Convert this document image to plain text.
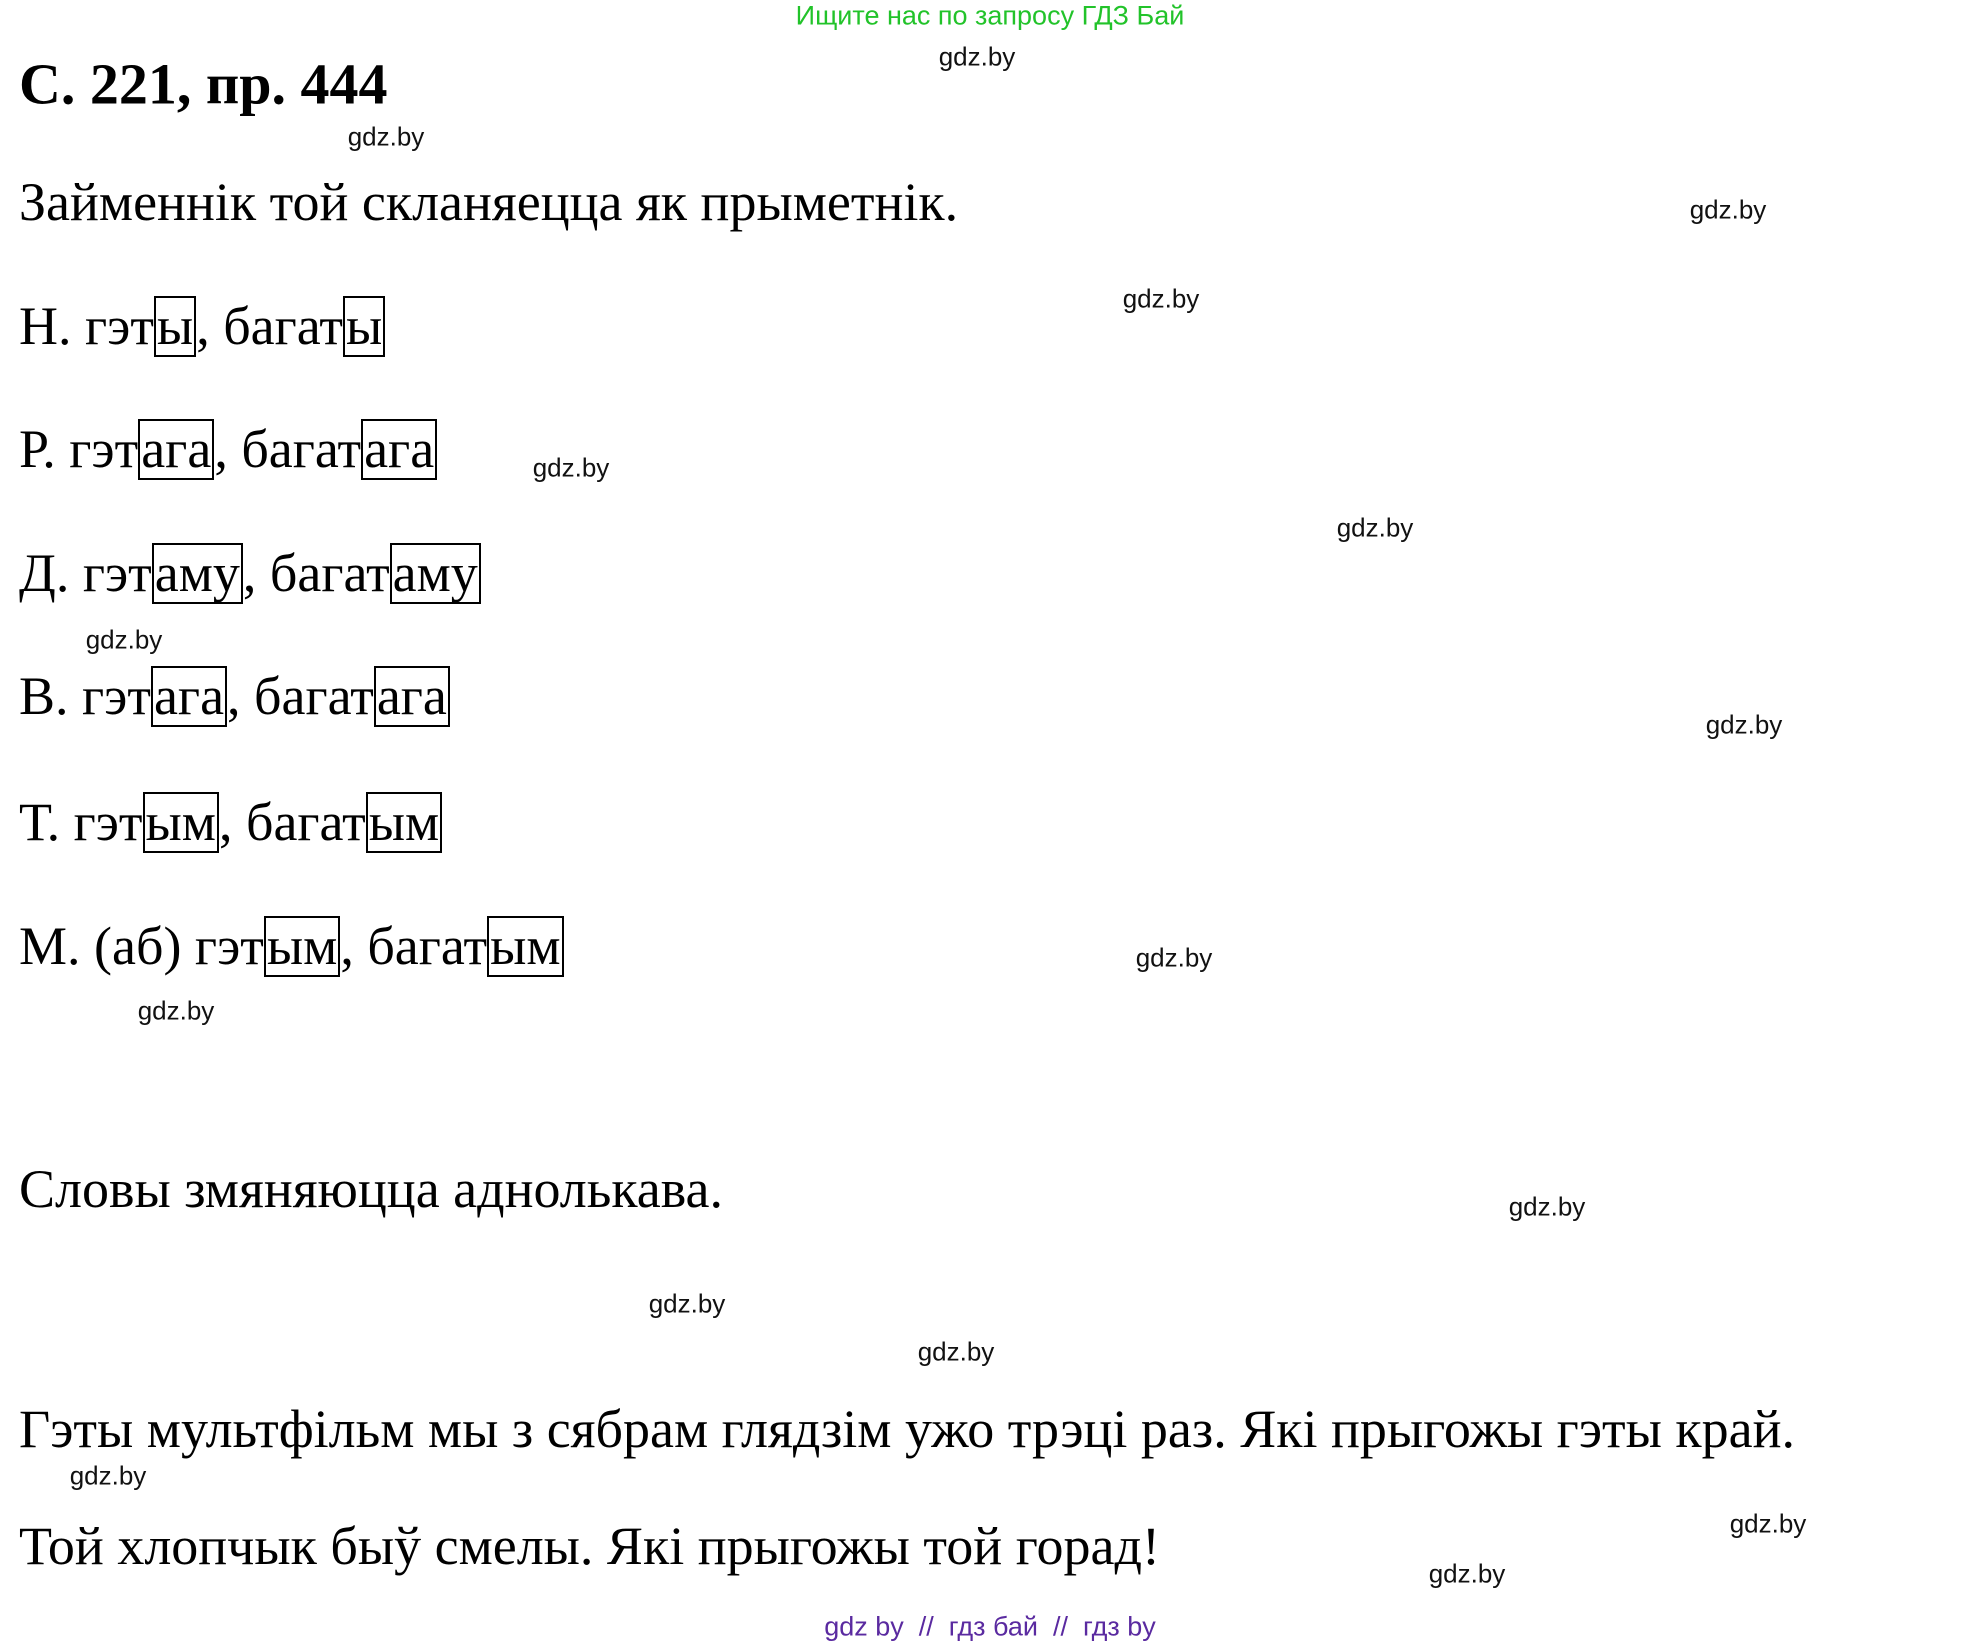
Ищите нас по запросу ГДЗ Бай
С. 221, пр. 444
Займеннік той скланяецца як прыметнік.
Н. гэты, багаты
Р. гэтага, багатага
Д. гэтаму, багатаму
В. гэтага, багатага
Т. гэтым, багатым
М. (аб) гэтым, багатым
Словы змяняюцца аднолькава.
Гэты мультфільм мы з сябрам глядзім ужо трэці раз. Які прыгожы гэты край.
Той хлопчык быў смелы. Які прыгожы той горад!
gdz.by
gdz.by
gdz.by
gdz.by
gdz.by
gdz.by
gdz.by
gdz.by
gdz.by
gdz.by
gdz.by
gdz.by
gdz.by
gdz.by
gdz.by
gdz.by
gdz by  //  гдз бай  //  гдз by
